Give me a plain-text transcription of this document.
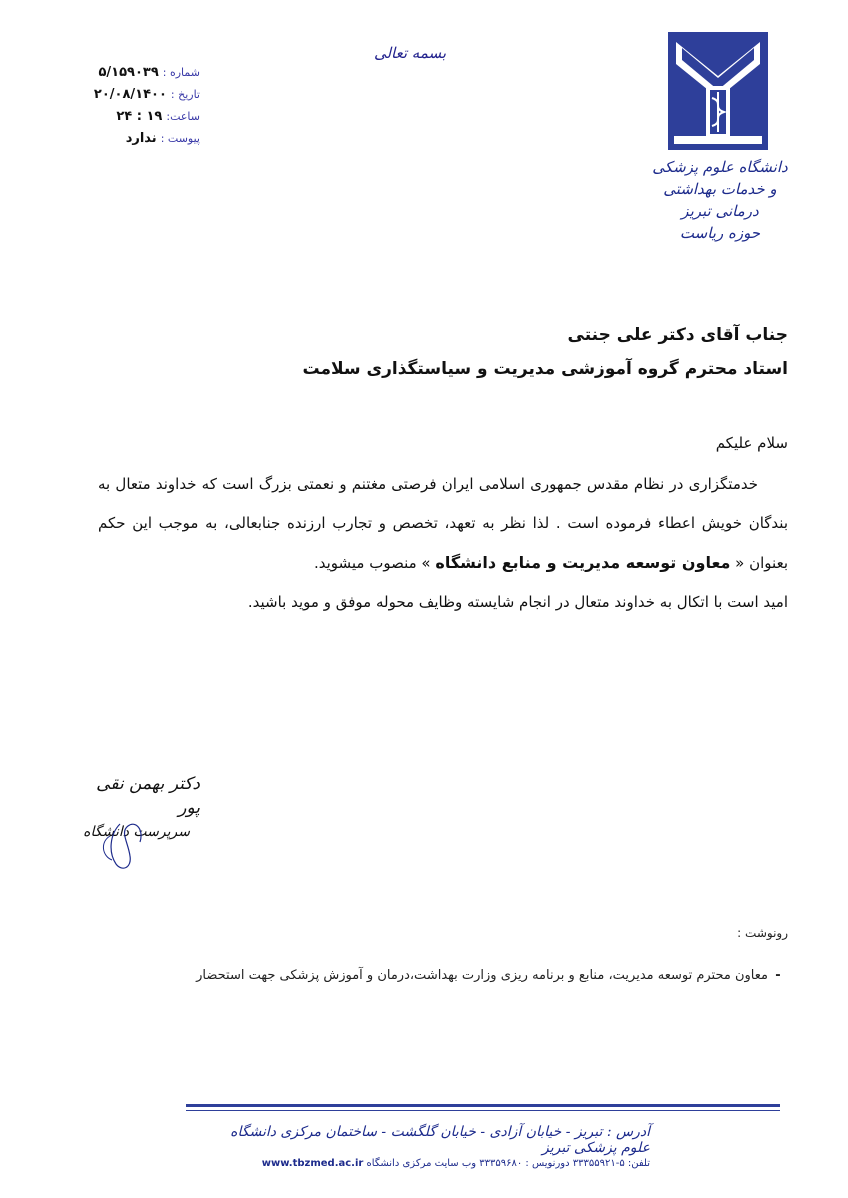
بسمه تعالی
دانشگاه علوم پزشکی
و خدمات بهداشتی درمانی تبریز
حوزه ریاست
شماره :۵/۱۵۹۰۳۹
تاریخ :۲۰/۰۸/۱۴۰۰
ساعت:۱۹ : ۲۴
پیوست :ندارد
جناب آقای دکتر علی جنتی
استاد محترم گروه آموزشی مدیریت و سیاستگذاری سلامت

سلام علیکم

خدمتگزاری در نظام مقدس جمهوری اسلامی ایران فرصتی مغتنم و نعمتی بزرگ است که خداوند متعال به بندگان خویش اعطاء فرموده است . لذا نظر به تعهد، تخصص و تجارب ارزنده جنابعالی، به موجب این حکم بعنوان « معاون توسعه مدیریت و منابع دانشگاه » منصوب میشوید.

امید است با اتکال به خداوند متعال در انجام شایسته وظایف محوله موفق و موید باشید.

دکتر بهمن نقی پور
سرپرست دانشگاه
رونوشت :
-معاون محترم توسعه مدیریت، منابع و برنامه ریزی وزارت بهداشت،درمان و آموزش پزشکی جهت استحضار
آدرس : تبریز - خیابان آزادی - خیابان گلگشت - ساختمان مرکزی دانشگاه علوم پزشکی تبریز
تلفن: ۵-۳۳۳۵۵۹۲۱ دورنویس : ۳۳۳۵۹۶۸۰ وب سایت مرکزی دانشگاه www.tbzmed.ac.ir
